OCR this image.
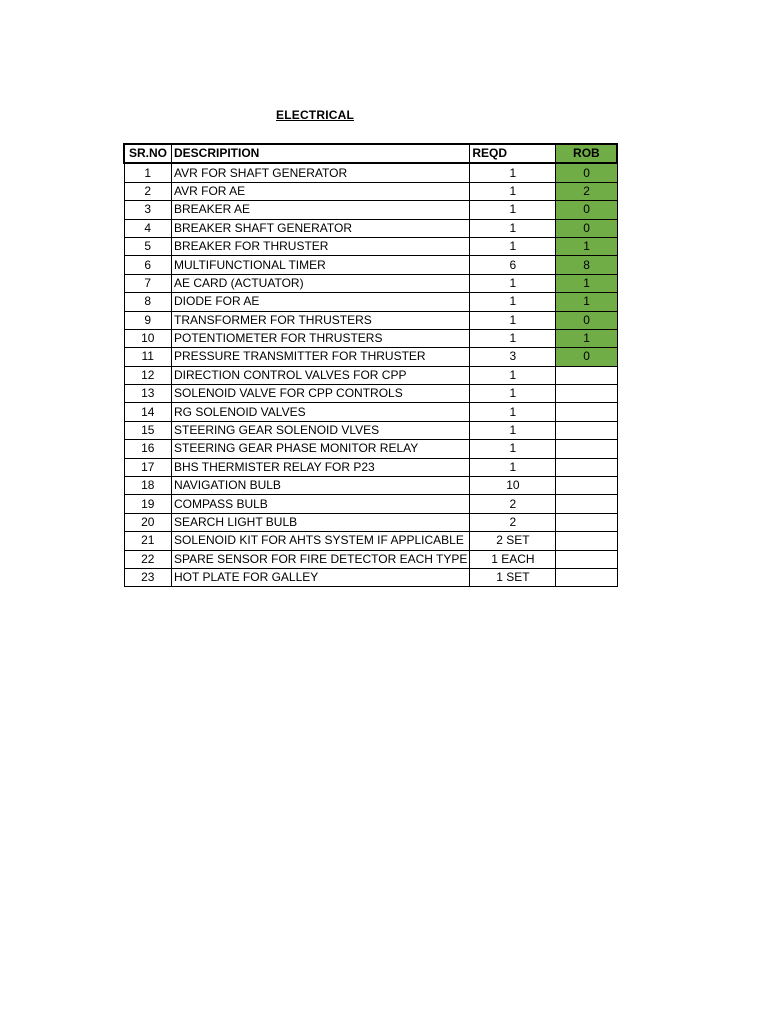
ELECTRICAL
SR.NO	DESCRIPITION	REQD	ROB
1	AVR FOR SHAFT GENERATOR	1	0
2	AVR FOR AE	1	2
3	BREAKER AE	1	0
4	BREAKER SHAFT GENERATOR	1	0
5	BREAKER FOR THRUSTER	1	1
6	MULTIFUNCTIONAL TIMER	6	8
7	AE CARD (ACTUATOR)	1	1
8	DIODE FOR AE	1	1
9	TRANSFORMER FOR THRUSTERS	1	0
10	POTENTIOMETER FOR THRUSTERS	1	1
11	PRESSURE TRANSMITTER FOR THRUSTER	3	0
12	DIRECTION CONTROL VALVES FOR CPP	1	
13	SOLENOID VALVE FOR CPP CONTROLS	1	
14	RG SOLENOID VALVES	1	
15	STEERING GEAR SOLENOID VLVES	1	
16	STEERING GEAR PHASE MONITOR RELAY	1	
17	BHS THERMISTER RELAY FOR P23	1	
18	NAVIGATION BULB	10	
19	COMPASS BULB	2	
20	SEARCH LIGHT BULB	2	
21	SOLENOID KIT FOR AHTS SYSTEM IF APPLICABLE	2 SET	
22	SPARE SENSOR FOR FIRE DETECTOR EACH TYPE	1 EACH	
23	HOT PLATE FOR GALLEY	1 SET	
